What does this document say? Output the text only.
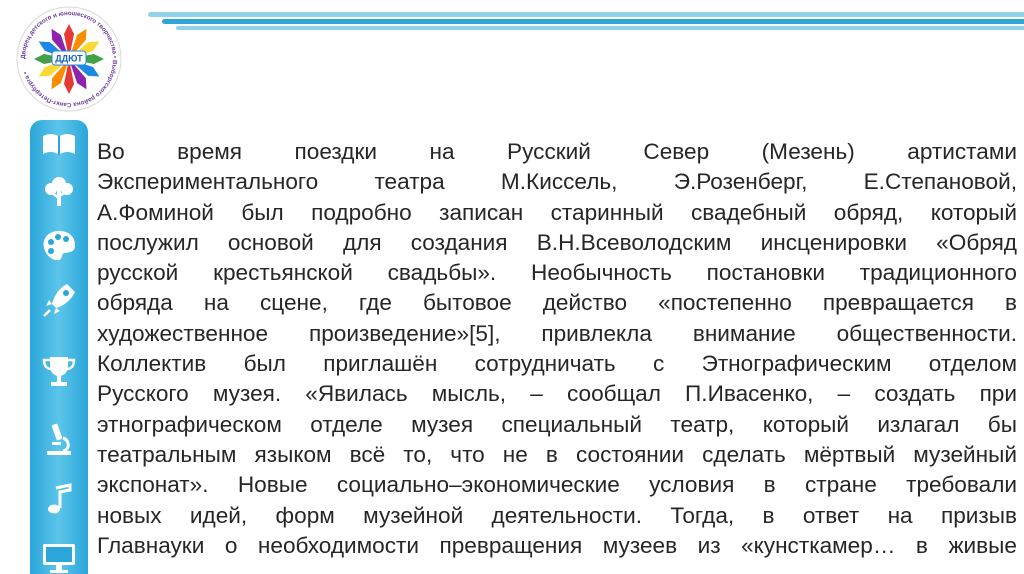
Дворец детского и юношеского творчества • Выборгского района Санкт-Петербурга •
ДДЮТ
Во время поездки на Русский Север (Мезень) артистами
Экспериментального театра М.Киссель, Э.Розенберг, Е.Степановой,
А.Фоминой был подробно записан старинный свадебный обряд, который
послужил основой для создания В.Н.Всеволодским инсценировки «Обряд
русской крестьянской свадьбы». Необычность постановки традиционного
обряда на сцене, где бытовое действо «постепенно превращается в
художественное произведение»[5], привлекла внимание общественности.
Коллектив был приглашён сотрудничать с Этнографическим отделом
Русского музея. «Явилась мысль, – сообщал П.Ивасенко, – создать при
этнографическом отделе музея специальный театр, который излагал бы
театральным языком всё то, что не в состоянии сделать мёртвый музейный
экспонат». Новые социально–экономические условия в стране требовали
новых идей, форм музейной деятельности. Тогда, в ответ на призыв
Главнауки о необходимости превращения музеев из «кунсткамер… в живые
